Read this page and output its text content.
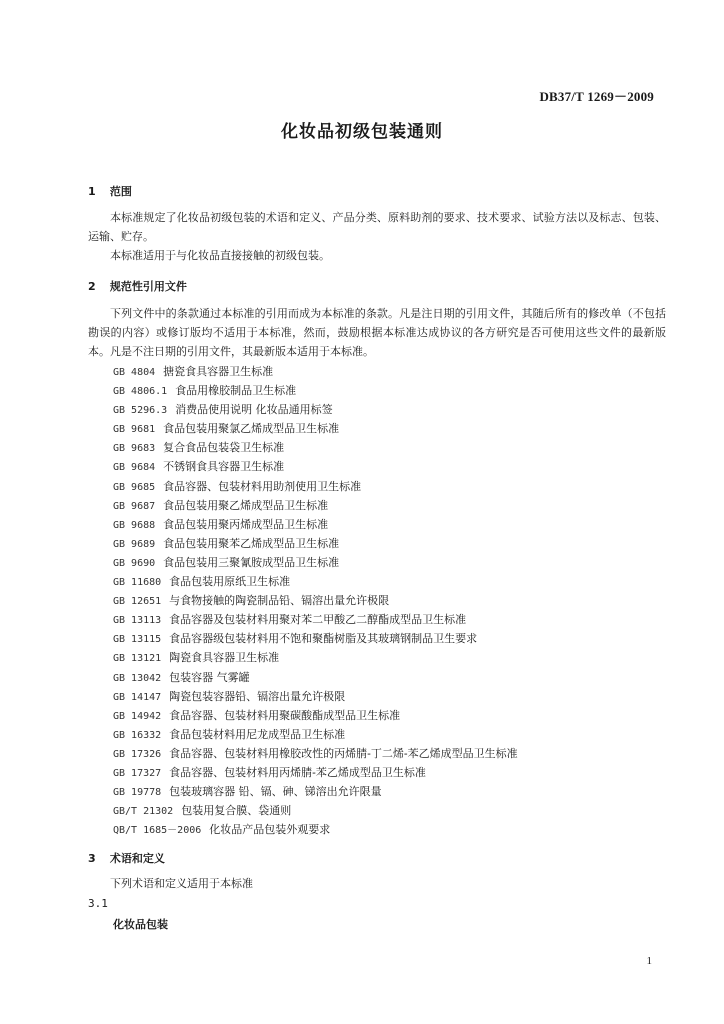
DB37/T 1269－2009
化妆品初级包装通则
1 范围
本标准规定了化妆品初级包装的术语和定义、产品分类、原料助剂的要求、技术要求、试验方法以及标志、包装、运输、贮存。
本标准适用于与化妆品直接接触的初级包装。
2 规范性引用文件
下列文件中的条款通过本标准的引用而成为本标准的条款。凡是注日期的引用文件，其随后所有的修改单（不包括勘误的内容）或修订版均不适用于本标准，然而，鼓励根据本标准达成协议的各方研究是否可使用这些文件的最新版本。凡是不注日期的引用文件，其最新版本适用于本标准。
GB 4804 搪瓷食具容器卫生标准
GB 4806.1 食品用橡胶制品卫生标准
GB 5296.3 消费品使用说明 化妆品通用标签
GB 9681 食品包装用聚氯乙烯成型品卫生标准
GB 9683 复合食品包装袋卫生标准
GB 9684 不锈钢食具容器卫生标准
GB 9685 食品容器、包装材料用助剂使用卫生标准
GB 9687 食品包装用聚乙烯成型品卫生标准
GB 9688 食品包装用聚丙烯成型品卫生标准
GB 9689 食品包装用聚苯乙烯成型品卫生标准
GB 9690 食品包装用三聚氰胺成型品卫生标准
GB 11680 食品包装用原纸卫生标准
GB 12651 与食物接触的陶瓷制品铅、镉溶出量允许极限
GB 13113 食品容器及包装材料用聚对苯二甲酸乙二醇酯成型品卫生标准
GB 13115 食品容器级包装材料用不饱和聚酯树脂及其玻璃钢制品卫生要求
GB 13121 陶瓷食具容器卫生标准
GB 13042 包装容器 气雾罐
GB 14147 陶瓷包装容器铅、镉溶出量允许极限
GB 14942 食品容器、包装材料用聚碳酸酯成型品卫生标准
GB 16332 食品包装材料用尼龙成型品卫生标准
GB 17326 食品容器、包装材料用橡胶改性的丙烯腈-丁二烯-苯乙烯成型品卫生标准
GB 17327 食品容器、包装材料用丙烯腈-苯乙烯成型品卫生标准
GB 19778 包装玻璃容器 铅、镉、砷、锑溶出允许限量
GB/T 21302 包装用复合膜、袋通则
QB/T 1685－2006 化妆品产品包装外观要求
3 术语和定义
下列术语和定义适用于本标准
3.1
化妆品包装
1
